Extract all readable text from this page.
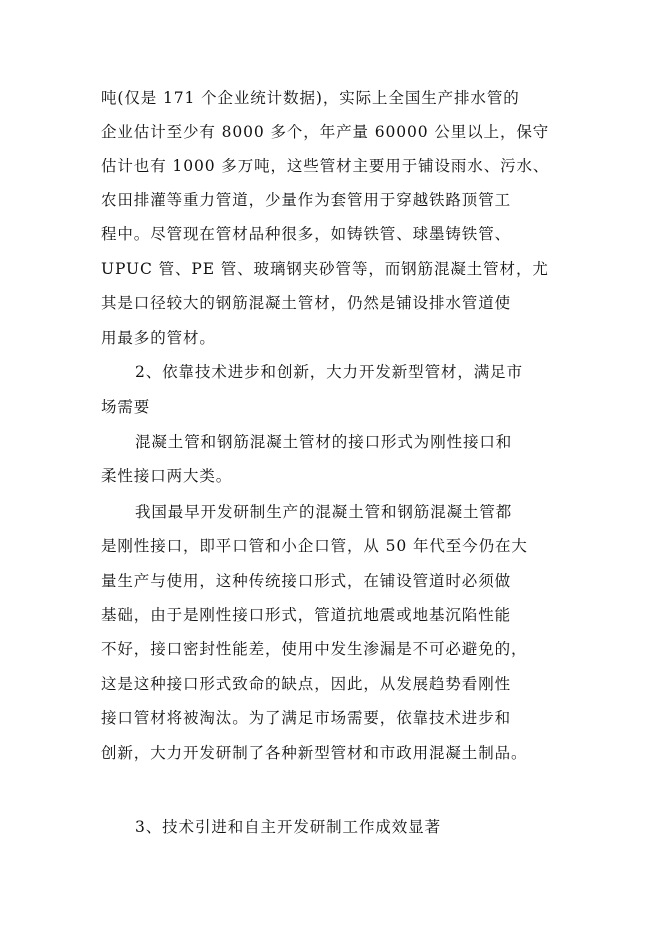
吨(仅是 171 个企业统计数据)，实际上全国生产排水管的
企业估计至少有 8000 多个，年产量 60000 公里以上，保守
估计也有 1000 多万吨，这些管材主要用于铺设雨水、污水、
农田排灌等重力管道，少量作为套管用于穿越铁路顶管工
程中。尽管现在管材品种很多，如铸铁管、球墨铸铁管、
UPUC 管、PE 管、玻璃钢夹砂管等，而钢筋混凝土管材，尤
其是口径较大的钢筋混凝土管材，仍然是铺设排水管道使
用最多的管材。
2、依靠技术进步和创新，大力开发新型管材，满足市
场需要
混凝土管和钢筋混凝土管材的接口形式为刚性接口和
柔性接口两大类。
我国最早开发研制生产的混凝土管和钢筋混凝土管都
是刚性接口，即平口管和小企口管，从 50 年代至今仍在大
量生产与使用，这种传统接口形式，在铺设管道时必须做
基础，由于是刚性接口形式，管道抗地震或地基沉陷性能
不好，接口密封性能差，使用中发生渗漏是不可必避免的，
这是这种接口形式致命的缺点，因此，从发展趋势看刚性
接口管材将被淘汰。为了满足市场需要，依靠技术进步和
创新，大力开发研制了各种新型管材和市政用混凝土制品。
3、技术引进和自主开发研制工作成效显著
